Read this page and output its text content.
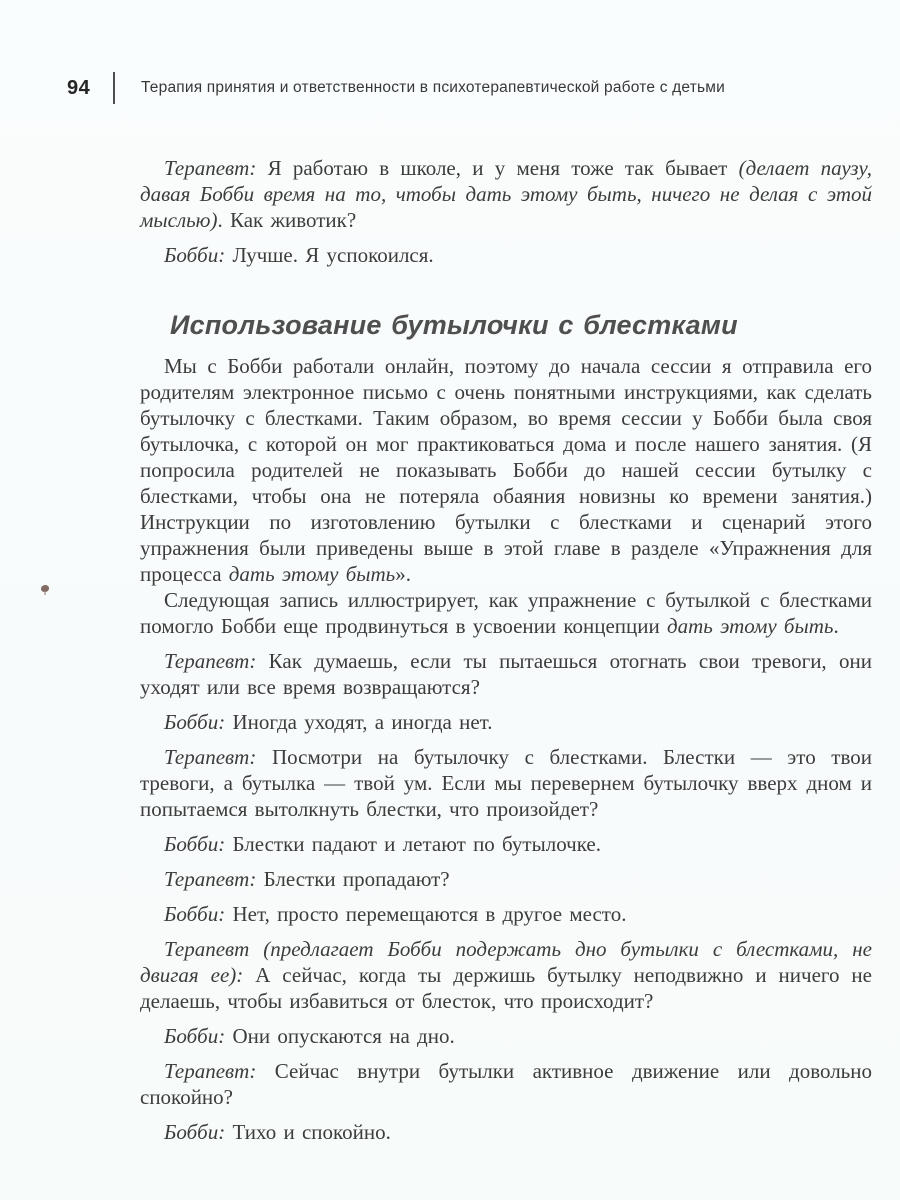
94	Терапия принятия и ответственности в психотерапевтической работе с детьми

Терапевт: Я работаю в школе, и у меня тоже так бывает (делает паузу, давая Бобби время на то, чтобы дать этому быть, ничего не делая с этой мыслью). Как животик?

Бобби: Лучше. Я успокоился.

Использование бутылочки с блестками

Мы с Бобби работали онлайн, поэтому до начала сессии я отправила его родителям электронное письмо с очень понятными инструкциями, как сделать бутылочку с блестками. Таким образом, во время сессии у Бобби была своя бутылочка, с которой он мог практиковаться дома и после нашего занятия. (Я попросила родителей не показывать Бобби до нашей сессии бутылку с блестками, чтобы она не потеряла обаяния новизны ко времени занятия.) Инструкции по изготовлению бутылки с блестками и сценарий этого упражнения были приведены выше в этой главе в разделе «Упражнения для процесса дать этому быть».

Следующая запись иллюстрирует, как упражнение с бутылкой с блестками помогло Бобби еще продвинуться в усвоении концепции дать этому быть.

Терапевт: Как думаешь, если ты пытаешься отогнать свои тревоги, они уходят или все время возвращаются?

Бобби: Иногда уходят, а иногда нет.

Терапевт: Посмотри на бутылочку с блестками. Блестки — это твои тревоги, а бутылка — твой ум. Если мы перевернем бутылочку вверх дном и попытаемся вытолкнуть блестки, что произойдет?

Бобби: Блестки падают и летают по бутылочке.

Терапевт: Блестки пропадают?

Бобби: Нет, просто перемещаются в другое место.

Терапевт (предлагает Бобби подержать дно бутылки с блестками, не двигая ее): А сейчас, когда ты держишь бутылку неподвижно и ничего не делаешь, чтобы избавиться от блесток, что происходит?

Бобби: Они опускаются на дно.

Терапевт: Сейчас внутри бутылки активное движение или довольно спокойно?

Бобби: Тихо и спокойно.
